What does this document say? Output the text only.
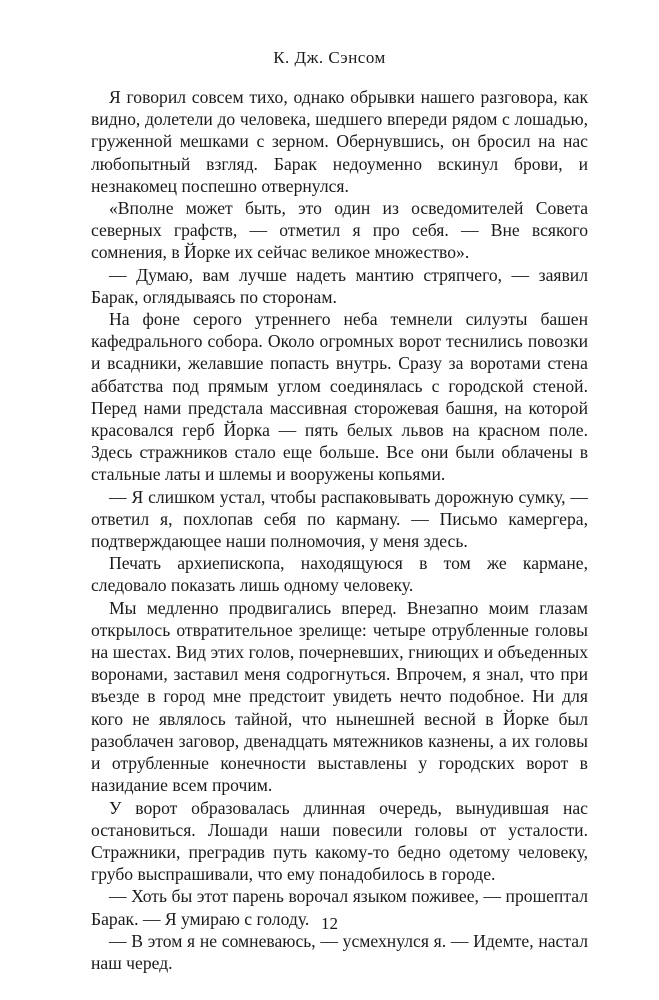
К. Дж. Сэнсом

Я говорил совсем тихо, однако обрывки нашего разговора, как видно, долетели до человека, шедшего впереди рядом с лошадью, груженной мешками с зерном. Обернувшись, он бросил на нас любопытный взгляд. Барак недоуменно вскинул брови, и незнакомец поспешно отвернулся.

«Вполне может быть, это один из осведомителей Совета северных графств, — отметил я про себя. — Вне всякого сомнения, в Йорке их сейчас великое множество».

— Думаю, вам лучше надеть мантию стряпчего, — заявил Барак, оглядываясь по сторонам.

На фоне серого утреннего неба темнели силуэты башен кафедрального собора. Около огромных ворот теснились повозки и всадники, желавшие попасть внутрь. Сразу за воротами стена аббатства под прямым углом соединялась с городской стеной. Перед нами предстала массивная сторожевая башня, на которой красовался герб Йорка — пять белых львов на красном поле. Здесь стражников стало еще больше. Все они были облачены в стальные латы и шлемы и вооружены копьями.

— Я слишком устал, чтобы распаковывать дорожную сумку, — ответил я, похлопав себя по карману. — Письмо камергера, подтверждающее наши полномочия, у меня здесь.

Печать архиепископа, находящуюся в том же кармане, следовало показать лишь одному человеку.

Мы медленно продвигались вперед. Внезапно моим глазам открылось отвратительное зрелище: четыре отрубленные головы на шестах. Вид этих голов, почерневших, гниющих и объеденных воронами, заставил меня содрогнуться. Впрочем, я знал, что при въезде в город мне предстоит увидеть нечто подобное. Ни для кого не являлось тайной, что нынешней весной в Йорке был разоблачен заговор, двенадцать мятежников казнены, а их головы и отрубленные конечности выставлены у городских ворот в назидание всем прочим.

У ворот образовалась длинная очередь, вынудившая нас остановиться. Лошади наши повесили головы от усталости. Стражники, преградив путь какому-то бедно одетому человеку, грубо выспрашивали, что ему понадобилось в городе.

— Хоть бы этот парень ворочал языком поживее, — прошептал Барак. — Я умираю с голоду.

— В этом я не сомневаюсь, — усмехнулся я. — Идемте, настал наш черед.

12
